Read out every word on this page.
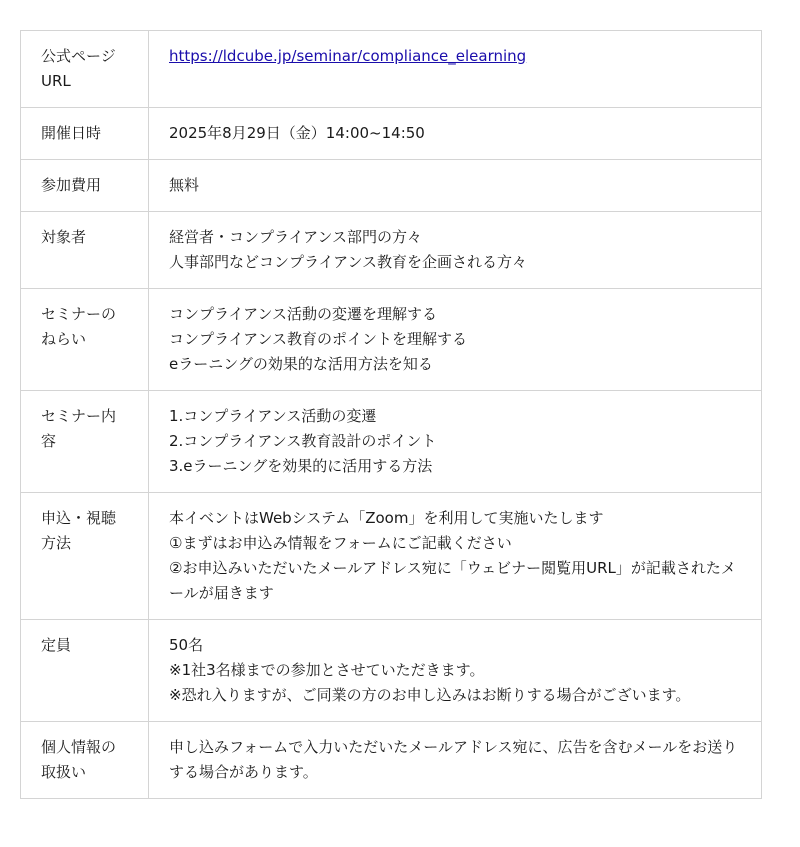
公式ページURL	https://ldcube.jp/seminar/compliance_elearning

開催日時	2025年8月29日（金）14:00~14:50

参加費用	無料

対象者	経営者・コンプライアンス部門の方々
人事部門などコンプライアンス教育を企画される方々

セミナーのねらい	コンプライアンス活動の変遷を理解する
コンプライアンス教育のポイントを理解する
eラーニングの効果的な活用方法を知る

セミナー内容	1.コンプライアンス活動の変遷
2.コンプライアンス教育設計のポイント
3.eラーニングを効果的に活用する方法

申込・視聴方法	本イベントはWebシステム「Zoom」を利用して実施いたします
①まずはお申込み情報をフォームにご記載ください
②お申込みいただいたメールアドレス宛に「ウェビナー閲覧用URL」が記載されたメールが届きます

定員	50名
※1社3名様までの参加とさせていただきます。
※恐れ入りますが、ご同業の方のお申し込みはお断りする場合がございます。

個人情報の取扱い	申し込みフォームで入力いただいたメールアドレス宛に、広告を含むメールをお送りする場合があります。
